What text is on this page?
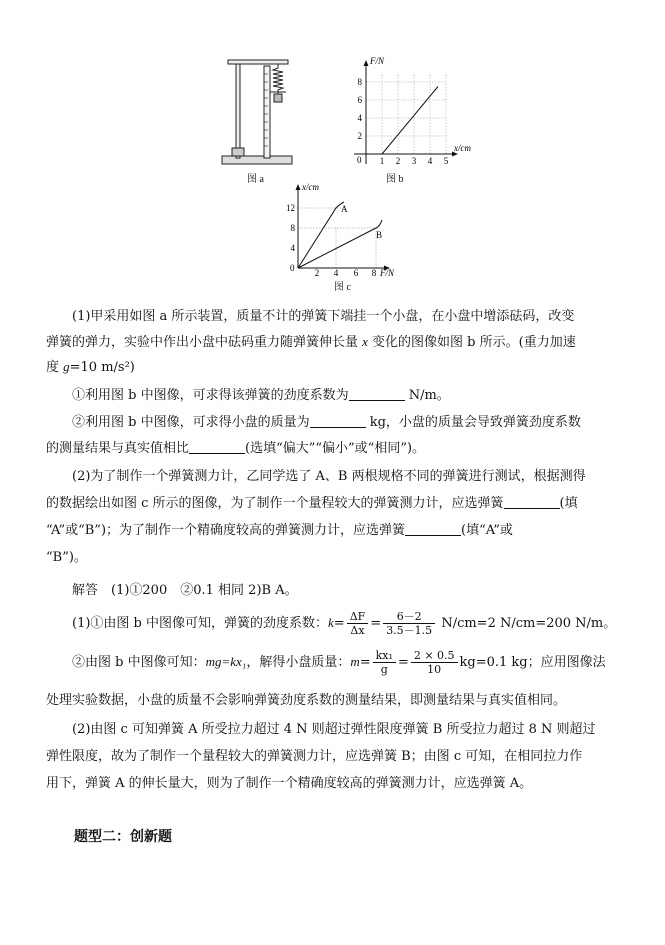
图 a
F/N
x/cm
0 1 2 3 4 5
2
4
6
8
图 b
A
B
x/cm
F/N
0 2 4 6 8
4
8
12
图 c
(1)甲采用如图 a 所示装置，质量不计的弹簧下端挂一个小盘，在小盘中增添砝码，改变
弹簧的弹力，实验中作出小盘中砝码重力随弹簧伸长量 x 变化的图像如图 b 所示。(重力加速
度 g=10 m/s²)
①利用图 b 中图像，可求得该弹簧的劲度系数为	N/m。
②利用图 b 中图像，可求得小盘的质量为	kg，小盘的质量会导致弹簧劲度系数
的测量结果与真实值相比	(选填“偏大”“偏小”或“相同”)。
(2)为了制作一个弹簧测力计，乙同学选了 A、B 两根规格不同的弹簧进行测试，根据测得
的数据绘出如图 c 所示的图像，为了制作一个量程较大的弹簧测力计，应选弹簧	(填
“A”或“B”)；为了制作一个精确度较高的弹簧测力计，应选弹簧	(填“A”或
“B”)。
解答　(1)①200　②0.1 相同 2)B A。
(1)①由图 b 中图像可知，弹簧的劲度系数：$k= \frac{\Delta F}{\Delta x} = \frac{6-2}{3.5-1.5} N/cm=2$ N/cm=200 N/m。
②由图 b 中图像可知：mg=kx₁，解得小盘质量：$m= \frac{\text{kx₁}}{g} = \frac{2 \times 0.5}{10} kg=0.1$ kg；应用图像法
处理实验数据，小盘的质量不会影响弹簧劲度系数的测量结果，即测量结果与真实值相同。
(2)由图 c 可知弹簧 A 所受拉力超过 4 N 则超过弹性限度弹簧 B 所受拉力超过 8 N 则超过
弹性限度，故为了制作一个量程较大的弹簧测力计，应选弹簧 B；由图 c 可知，在相同拉力作
用下，弹簧 A 的伸长量大，则为了制作一个精确度较高的弹簧测力计，应选弹簧 A。
题型二：创新题
